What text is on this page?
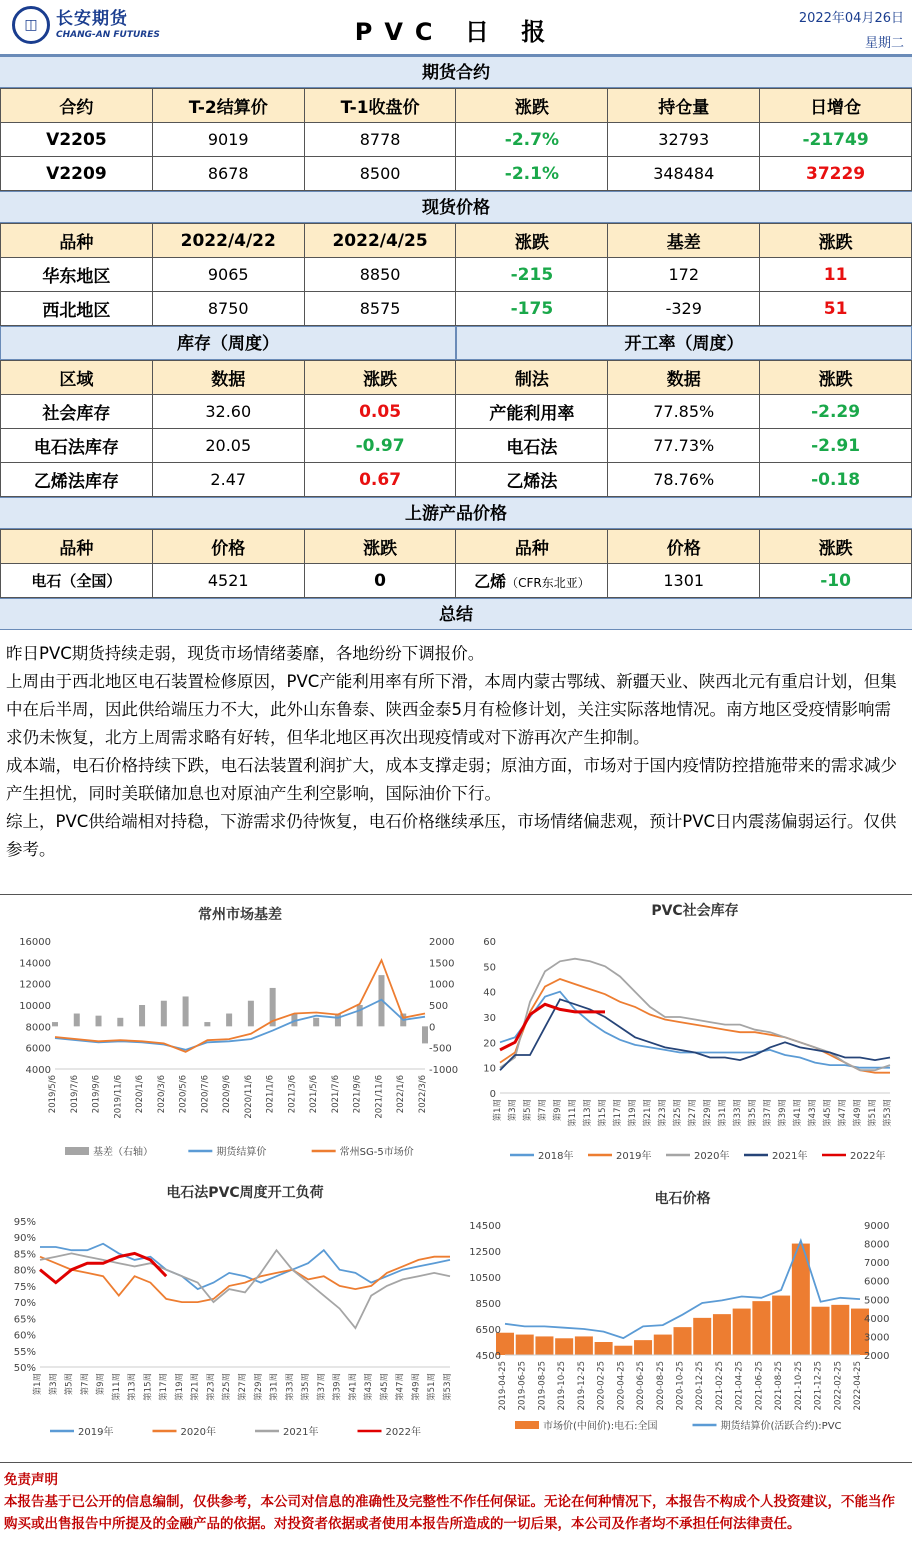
◫	长安期货
CHANG-AN FUTURES	PVC 日 报	2022年04月26日
星期二
期货合约
合约	T-2结算价	T-1收盘价	涨跌	持仓量	日增仓
V2205	9019	8778	-2.7%	32793	-21749
V2209	8678	8500	-2.1%	348484	37229
现货价格
品种	2022/4/22	2022/4/25	涨跌	基差	涨跌
华东地区	9065	8850	-215	172	11
西北地区	8750	8575	-175	-329	51
库存（周度）	开工率（周度）
区域	数据	涨跌	制法	数据	涨跌
社会库存	32.60	0.05	产能利用率	77.85%	-2.29
电石法库存	20.05	-0.97	电石法	77.73%	-2.91
乙烯法库存	2.47	0.67	乙烯法	78.76%	-0.18
上游产品价格
品种	价格	涨跌	品种	价格	涨跌
电石（全国）	4521	0	乙烯（CFR东北亚）	1301	-10
总结

昨日PVC期货持续走弱，现货市场情绪萎靡，各地纷纷下调报价。

上周由于西北地区电石装置检修原因，PVC产能利用率有所下滑，本周内蒙古鄂绒、新疆天业、陕西北元有重启计划，但集中在后半周，因此供给端压力不大，此外山东鲁泰、陕西金泰5月有检修计划，关注实际落地情况。南方地区受疫情影响需求仍未恢复，北方上周需求略有好转，但华北地区再次出现疫情或对下游再次产生抑制。

成本端，电石价格持续下跌，电石法装置利润扩大，成本支撑走弱；原油方面，市场对于国内疫情防控措施带来的需求减少产生担忧，同时美联储加息也对原油产生利空影响，国际油价下行。

综上，PVC供给端相对持稳，下游需求仍待恢复，电石价格继续承压，市场情绪偏悲观，预计PVC日内震荡偏弱运行。仅供参考。

常州市场基差
16000
14000
12000
10000
8000
6000
4000
2000
1500
1000
500
0
-500
-1000
2019/5/6 2019/7/6 2019/9/6 2019/11/6 2020/1/6 2020/3/6 2020/5/6 2020/7/6 2020/9/6 2020/11/6 2021/1/6 2021/3/6 2021/5/6 2021/7/6 2021/9/6 2021/11/6 2022/1/6 2022/3/6
基差（右轴）	期货结算价	常州SG-5市场价
PVC社会库存
60
50
40
30
20
10
0
第1周 第3周 第5周 第7周 第9周 第11周 第13周 第15周 第17周 第19周 第21周 第23周 第25周 第27周 第29周 第31周 第33周 第35周 第37周 第39周 第41周 第43周 第45周 第47周 第49周 第51周 第53周
2018年	2019年	2020年	2021年	2022年
电石法PVC周度开工负荷
95%
90%
85%
80%
75%
70%
65%
60%
55%
50%
第1周 第3周 第5周 第7周 第9周 第11周 第13周 第15周 第17周 第19周 第21周 第23周 第25周 第27周 第29周 第31周 第33周 第35周 第37周 第39周 第41周 第43周 第45周 第47周 第49周 第51周 第53周
2019年	2020年	2021年	2022年
电石价格
14500
12500
10500
8500
6500
4500
9000
8000
7000
6000
5000
4000
3000
2000
2019-04-25 2019-06-25 2019-08-25 2019-10-25 2019-12-25 2020-02-25 2020-04-25 2020-06-25 2020-08-25 2020-10-25 2020-12-25 2021-02-25 2021-04-25 2021-06-25 2021-08-25 2021-10-25 2021-12-25 2022-02-25 2022-04-25
市场价(中间价):电石:全国	期货结算价(活跃合约):PVC
免责声明
本报告基于已公开的信息编制，仅供参考，本公司对信息的准确性及完整性不作任何保证。无论在何种情况下，本报告不构成个人投资建议，不能当作购买或出售报告中所提及的金融产品的依据。对投资者依据或者使用本报告所造成的一切后果，本公司及作者均不承担任何法律责任。
